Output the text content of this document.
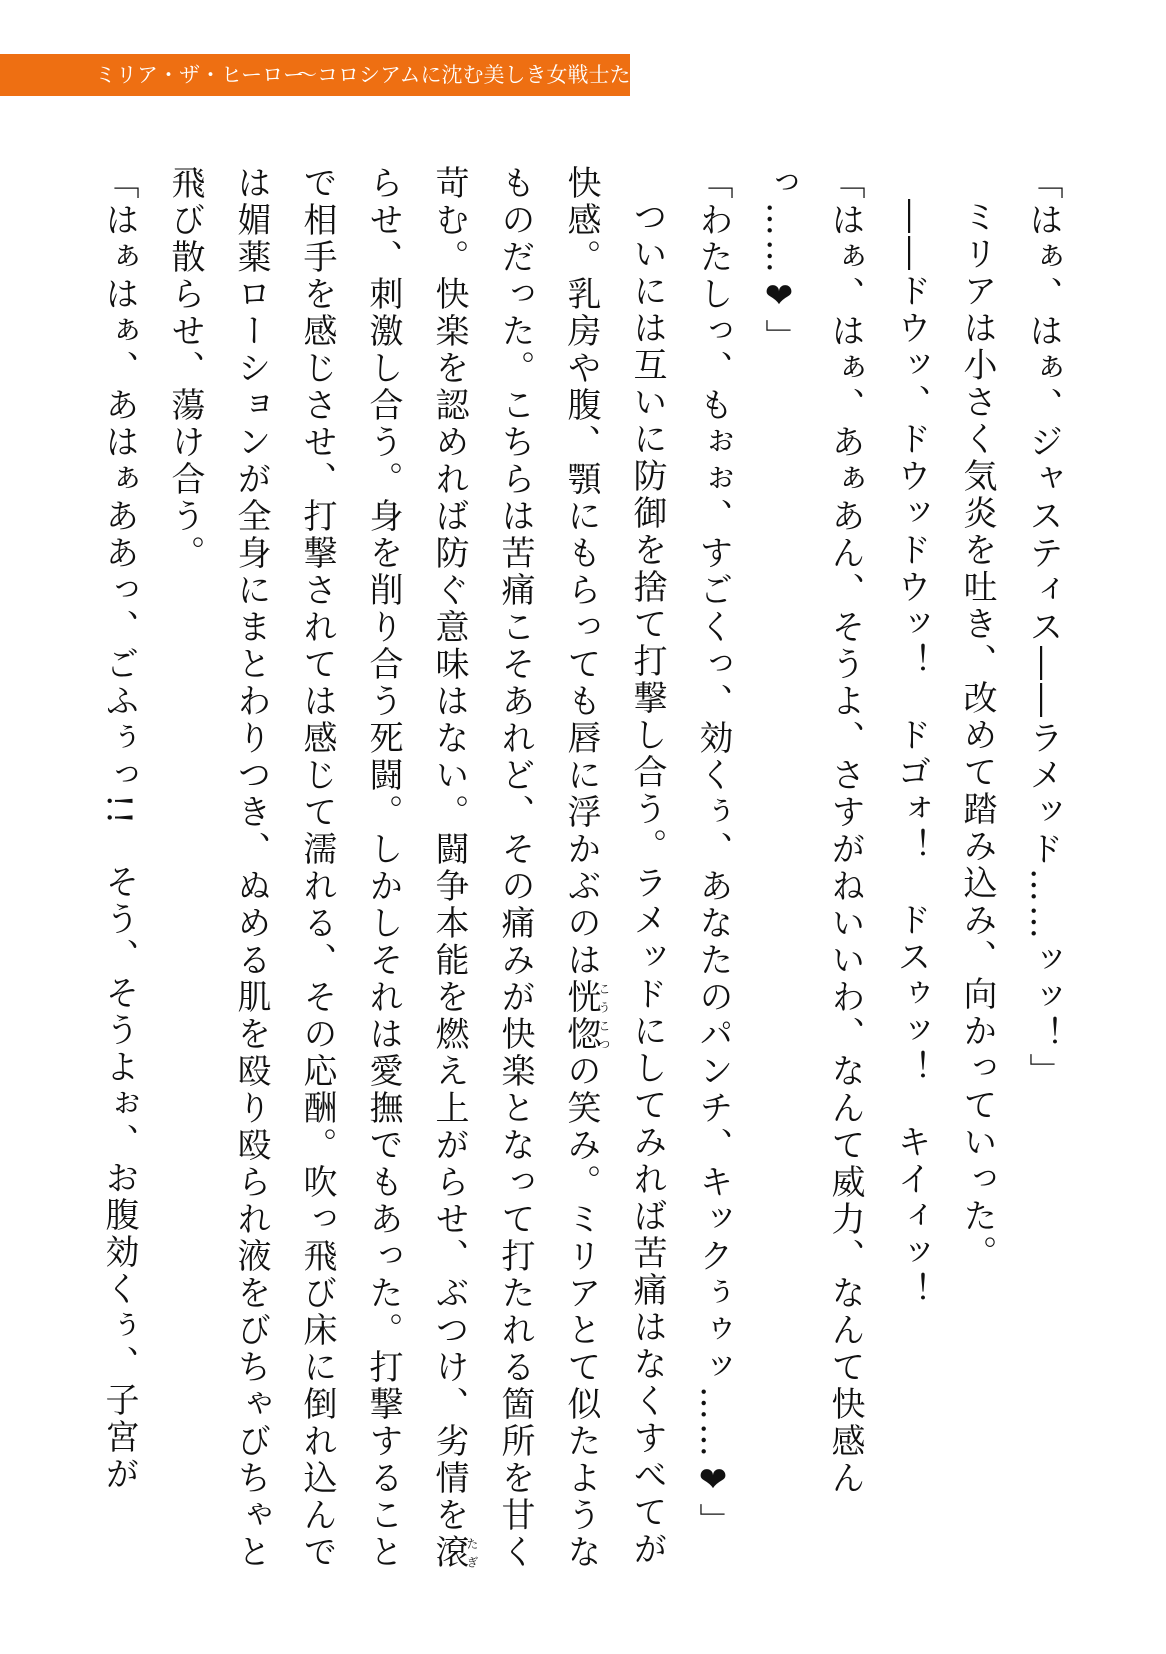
ミリア・ザ・ヒーロー
～コロシアムに沈む美しき女戦士たち～

「はぁ、はぁ、ジャスティス――ラメッド……ッッ！」

ミリアは小さく気炎を吐き、改めて踏み込み、向かっていった。

――ドウッ、ドウッドウッ！　ドゴォ！　ドスゥッ！　キイィッ！

「はぁ、はぁ、あぁあん、そうよ、さすがねいいわ、なんて威力、なんて快感んっ……❤」

「わたしっ、もぉぉ、すごくっ、効くぅ、あなたのパンチ、キックぅゥッ……❤」

ついには互いに防御を捨て打撃し合う。ラメッドにしてみれば苦痛はなくすべてが快感。乳房や腹、顎にもらっても唇に浮かぶのは恍惚こうこつの笑み。ミリアとて似たようなものだった。こちらは苦痛こそあれど、その痛みが快楽となって打たれる箇所を甘く苛む。快楽を認めれば防ぐ意味はない。闘争本能を燃え上がらせ、ぶつけ、劣情を滾たぎらせ、刺激し合う。身を削り合う死闘。しかしそれは愛撫でもあった。打撃することで相手を感じさせ、打撃されては感じて濡れる、その応酬。吹っ飛び床に倒れ込んでは媚薬ローションが全身にまとわりつき、ぬめる肌を殴り殴られ液をびちゃびちゃと飛び散らせ、蕩け合う。

「はぁはぁ、あはぁああっ、ごふぅっ!!　そう、そうよぉ、お腹効くぅ、子宮が
